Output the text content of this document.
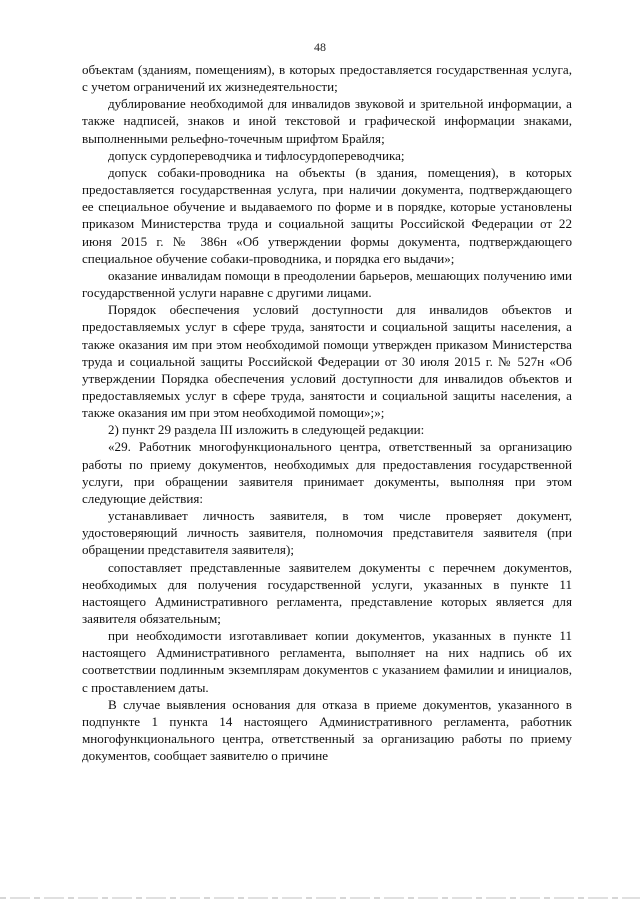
48

объектам (зданиям, помещениям), в которых предоставляется государственная услуга, с учетом ограничений их жизнедеятельности;

дублирование необходимой для инвалидов звуковой и зрительной информации, а также надписей, знаков и иной текстовой и графической информации знаками, выполненными рельефно-точечным шрифтом Брайля;

допуск сурдопереводчика и тифлосурдопереводчика;

допуск собаки-проводника на объекты (в здания, помещения), в которых предоставляется государственная услуга, при наличии документа, подтверждающего ее специальное обучение и выдаваемого по форме и в порядке, которые установлены приказом Министерства труда и социальной защиты Российской Федерации от 22 июня 2015 г. № 386н «Об утверждении формы документа, подтверждающего специальное обучение собаки-проводника, и порядка его выдачи»;

оказание инвалидам помощи в преодолении барьеров, мешающих получению ими государственной услуги наравне с другими лицами.

Порядок обеспечения условий доступности для инвалидов объектов и предоставляемых услуг в сфере труда, занятости и социальной защиты населения, а также оказания им при этом необходимой помощи утвержден приказом Министерства труда и социальной защиты Российской Федерации от 30 июля 2015 г. № 527н «Об утверждении Порядка обеспечения условий доступности для инвалидов объектов и предоставляемых услуг в сфере труда, занятости и социальной защиты населения, а также оказания им при этом необходимой помощи»;»;

2) пункт 29 раздела III изложить в следующей редакции:

«29. Работник многофункционального центра, ответственный за организацию работы по приему документов, необходимых для предоставления государственной услуги, при обращении заявителя принимает документы, выполняя при этом следующие действия:

устанавливает личность заявителя, в том числе проверяет документ, удостоверяющий личность заявителя, полномочия представителя заявителя (при обращении представителя заявителя);

сопоставляет представленные заявителем документы с перечнем документов, необходимых для получения государственной услуги, указанных в пункте 11 настоящего Административного регламента, представление которых является для заявителя обязательным;

при необходимости изготавливает копии документов, указанных в пункте 11 настоящего Административного регламента, выполняет на них надпись об их соответствии подлинным экземплярам документов с указанием фамилии и инициалов, с проставлением даты.

В случае выявления основания для отказа в приеме документов, указанного в подпункте 1 пункта 14 настоящего Административного регламента, работник многофункционального центра, ответственный за организацию работы по приему документов, сообщает заявителю о причине
